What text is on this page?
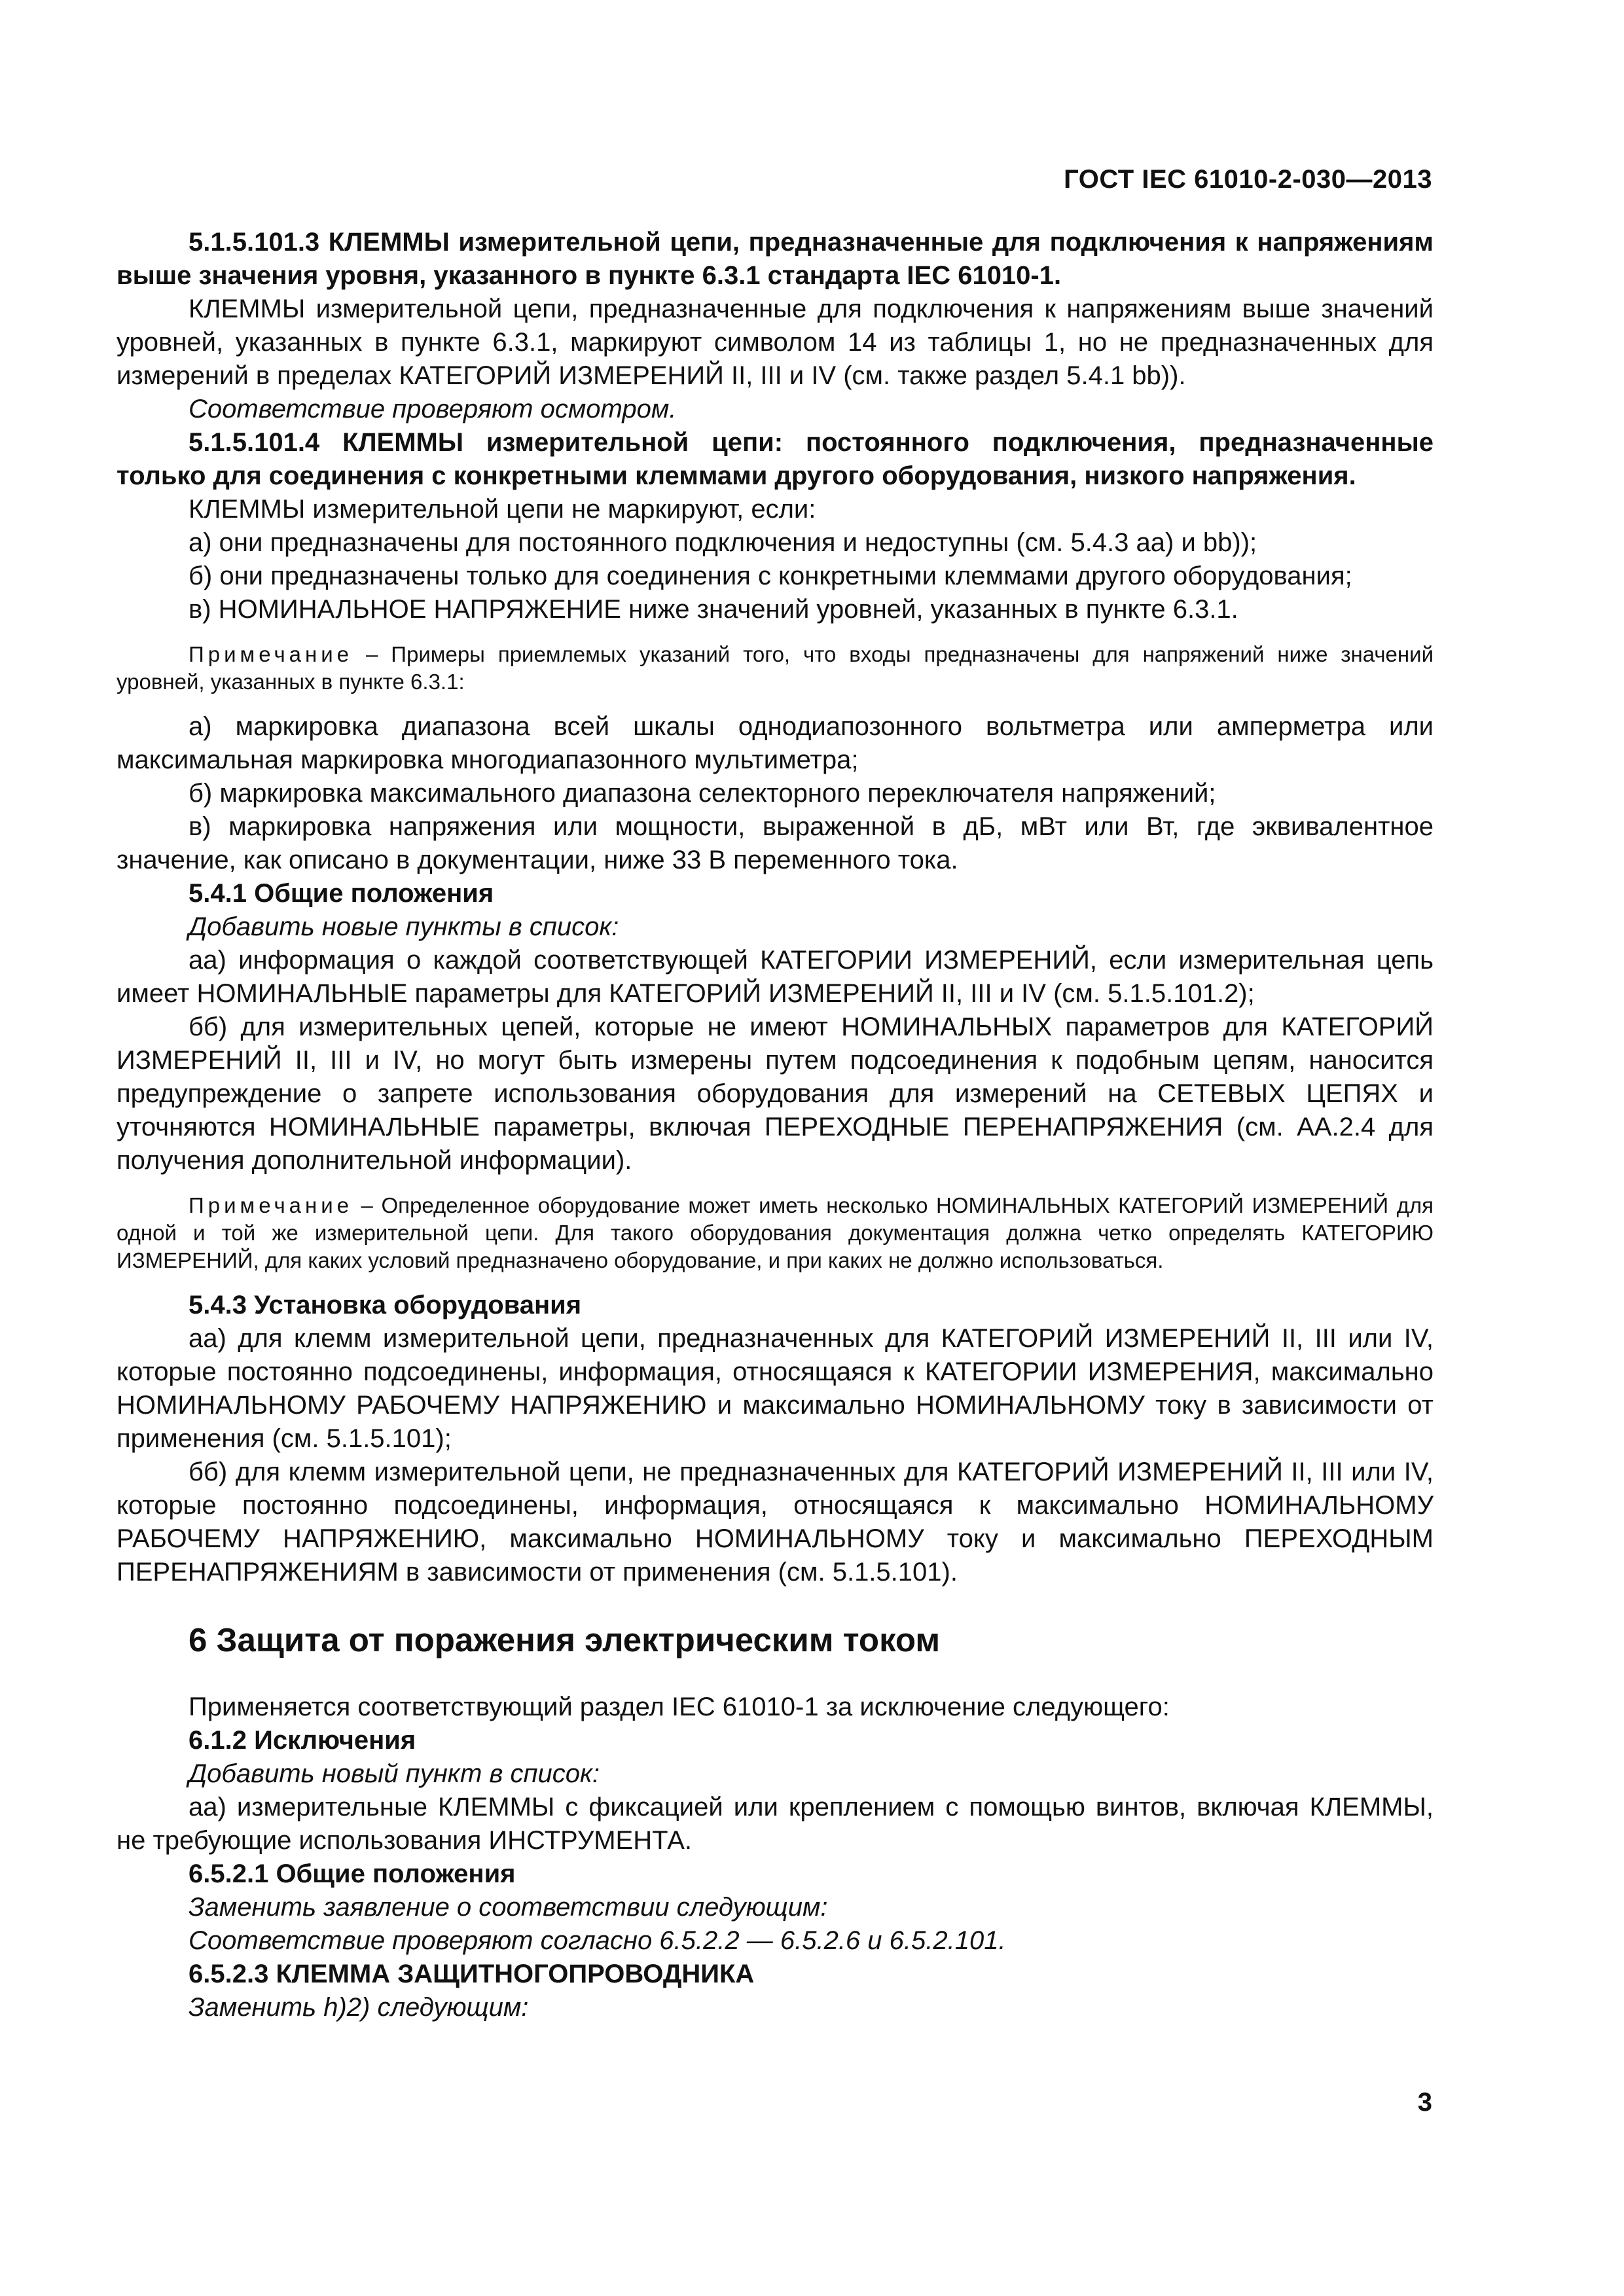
ГОСТ IEC 61010-2-030—2013

5.1.5.101.3 КЛЕММЫ измерительной цепи, предназначенные для подключения к напряжениям выше значения уровня, указанного в пункте 6.3.1 стандарта IEC 61010-1.

КЛЕММЫ измерительной цепи, предназначенные для подключения к напряжениям выше значений уровней, указанных в пункте 6.3.1, маркируют символом 14 из таблицы 1, но не предназначенных для измерений в пределах КАТЕГОРИЙ ИЗМЕРЕНИЙ II, III и IV (см. также раздел 5.4.1 bb)).

Соответствие проверяют осмотром.

5.1.5.101.4 КЛЕММЫ измерительной цепи: постоянного подключения, предназначенные только для соединения с конкретными клеммами другого оборудования, низкого напряжения.

КЛЕММЫ измерительной цепи не маркируют, если:

а) они предназначены для постоянного подключения и недоступны (см. 5.4.3 аа) и bb));

б) они предназначены только для соединения с конкретными клеммами другого оборудования;

в) НОМИНАЛЬНОЕ НАПРЯЖЕНИЕ ниже значений уровней, указанных в пункте 6.3.1.

Примечание – Примеры приемлемых указаний того, что входы предназначены для напряжений ниже значений уровней, указанных в пункте 6.3.1:

а) маркировка диапазона всей шкалы однодиапозонного вольтметра или амперметра или максимальная маркировка многодиапазонного мультиметра;

б) маркировка максимального диапазона селекторного переключателя напряжений;

в) маркировка напряжения или мощности, выраженной в дБ, мВт или Вт, где эквивалентное значение, как описано в документации, ниже 33 В переменного тока.

5.4.1 Общие положения

Добавить новые пункты в список:

аа) информация о каждой соответствующей КАТЕГОРИИ ИЗМЕРЕНИЙ, если измерительная цепь имеет НОМИНАЛЬНЫЕ параметры для КАТЕГОРИЙ ИЗМЕРЕНИЙ II, III и IV (см. 5.1.5.101.2);

бб) для измерительных цепей, которые не имеют НОМИНАЛЬНЫХ параметров для КАТЕГОРИЙ ИЗМЕРЕНИЙ II, III и IV, но могут быть измерены путем подсоединения к подобным цепям, наносится предупреждение о запрете использования оборудования для измерений на СЕТЕВЫХ ЦЕПЯХ и уточняются НОМИНАЛЬНЫЕ параметры, включая ПЕРЕХОДНЫЕ ПЕРЕНАПРЯЖЕНИЯ (см. АА.2.4 для получения дополнительной информации).

Примечание – Определенное оборудование может иметь несколько НОМИНАЛЬНЫХ КАТЕГОРИЙ ИЗМЕРЕНИЙ для одной и той же измерительной цепи. Для такого оборудования документация должна четко определять КАТЕГОРИЮ ИЗМЕРЕНИЙ, для каких условий предназначено оборудование, и при каких не должно использоваться.

5.4.3 Установка оборудования

аа) для клемм измерительной цепи, предназначенных для КАТЕГОРИЙ ИЗМЕРЕНИЙ II, III или IV, которые постоянно подсоединены, информация, относящаяся к КАТЕГОРИИ ИЗМЕРЕНИЯ, максимально НОМИНАЛЬНОМУ РАБОЧЕМУ НАПРЯЖЕНИЮ и максимально НОМИНАЛЬНОМУ току в зависимости от применения (см. 5.1.5.101);

бб) для клемм измерительной цепи, не предназначенных для КАТЕГОРИЙ ИЗМЕРЕНИЙ II, III или IV, которые постоянно подсоединены, информация, относящаяся к максимально НОМИНАЛЬНОМУ РАБОЧЕМУ НАПРЯЖЕНИЮ, максимально НОМИНАЛЬНОМУ току и максимально ПЕРЕХОДНЫМ ПЕРЕНАПРЯЖЕНИЯМ в зависимости от применения (см. 5.1.5.101).

6 Защита от поражения электрическим током

Применяется соответствующий раздел IEC 61010-1 за исключение следующего:

6.1.2 Исключения

Добавить новый пункт в список:

аа) измерительные КЛЕММЫ с фиксацией или креплением с помощью винтов, включая КЛЕММЫ, не требующие использования ИНСТРУМЕНТА.

6.5.2.1 Общие положения

Заменить заявление о соответствии следующим:

Соответствие проверяют согласно 6.5.2.2 — 6.5.2.6 и 6.5.2.101.

6.5.2.3 КЛЕММА ЗАЩИТНОГОПРОВОДНИКА

Заменить h)2) следующим:

3
